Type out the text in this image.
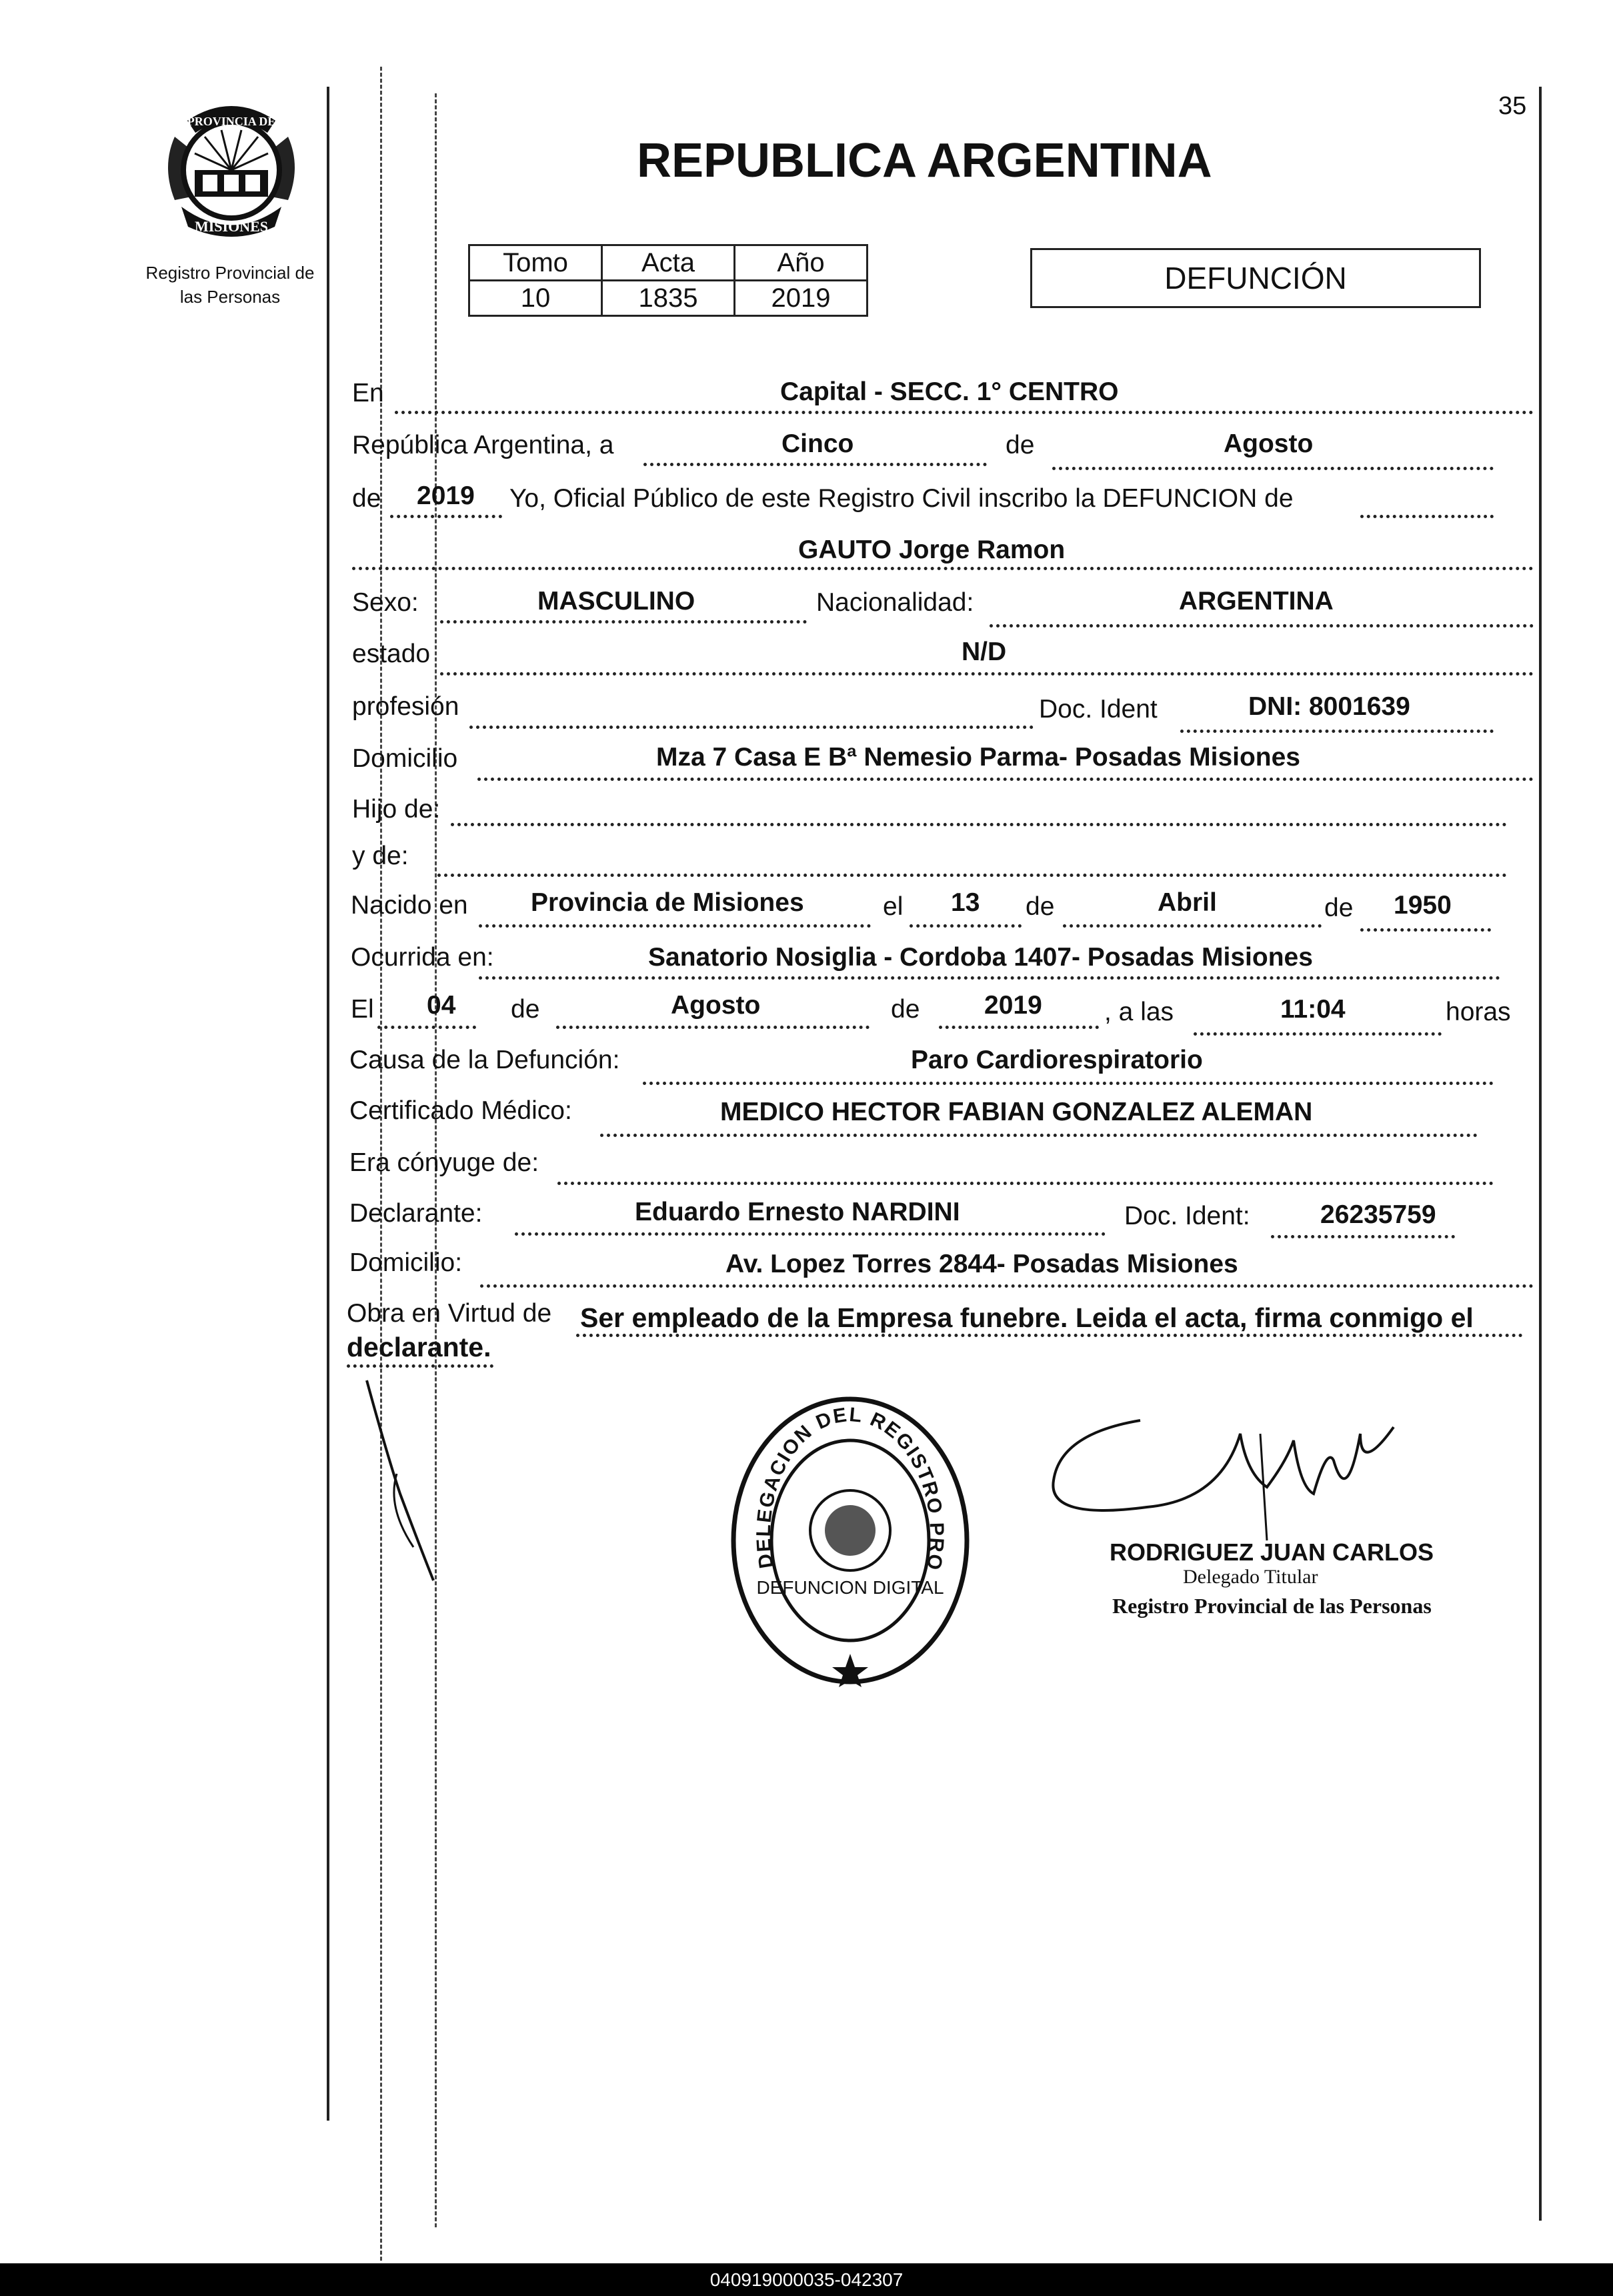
35
PROVINCIA DE
MISIONES
Registro Provincial de
las Personas
REPUBLICA ARGENTINA
Tomo	Acta	Año
10	1835	2019
DEFUNCIÓN
En	Capital - SECC. 1° CENTRO
República Argentina, a	Cinco	de	Agosto
de 2019 Yo, Oficial Público de este Registro Civil inscribo la DEFUNCION de
GAUTO Jorge Ramon
Sexo:	MASCULINO	Nacionalidad:	ARGENTINA
estado	N/D
profesión	Doc. Ident	DNI: 8001639
Domicilio	Mza 7 Casa E Bª Nemesio Parma- Posadas Misiones
Hijo de:
y de:
Nacido en Provincia de Misiones	el 13 de	Abril	de 1950
Ocurrida en:	Sanatorio Nosiglia - Cordoba 1407- Posadas Misiones
El 04 de	Agosto	de 2019 , a las	11:04	horas
Causa de la Defunción:	Paro Cardiorespiratorio
Certificado Médico:	MEDICO HECTOR FABIAN GONZALEZ ALEMAN
Era cónyuge de:
Declarante:	Eduardo Ernesto NARDINI	Doc. Ident:	26235759
Domicilio:	Av. Lopez Torres 2844- Posadas Misiones
Obra en Virtud de Ser empleado de la Empresa funebre. Leida el acta, firma conmigo el
declarante.
DELEGACION DEL REGISTRO PRO
DEFUNCION DIGITAL
RODRIGUEZ JUAN CARLOS
Delegado Titular
Registro Provincial de las Personas
040919000035-042307
